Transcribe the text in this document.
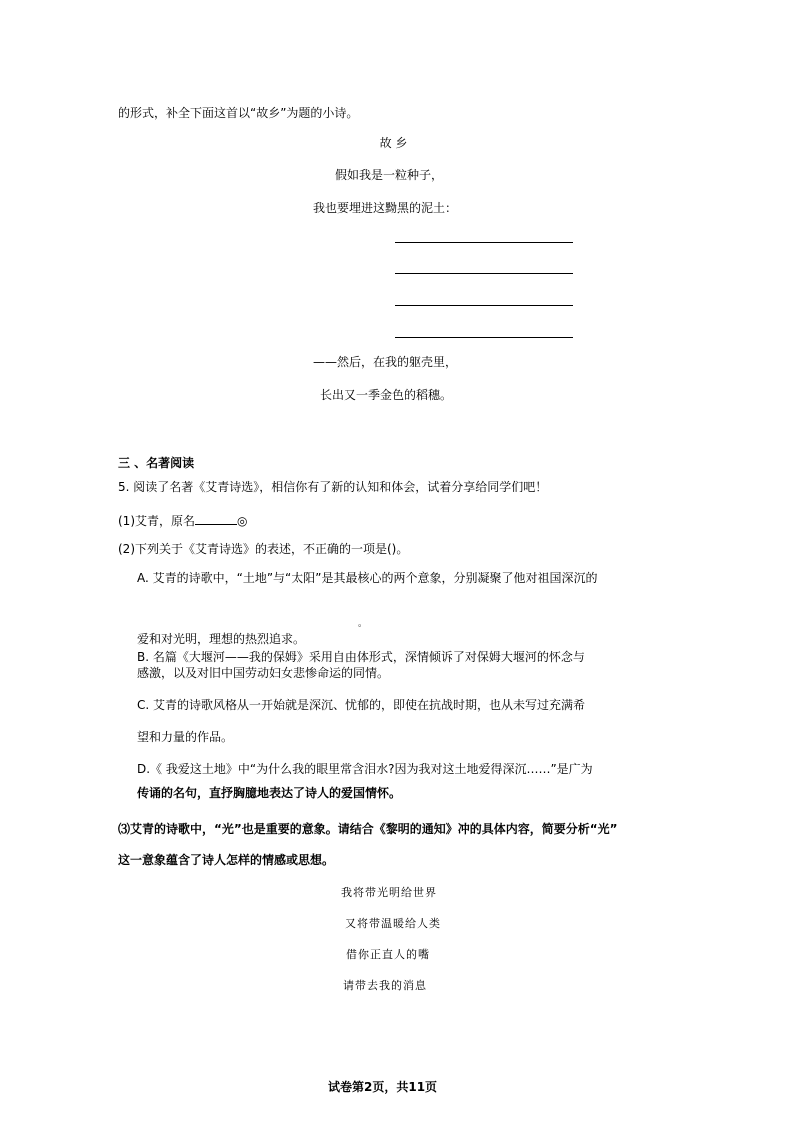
的形式，补全下面这首以“故乡”为题的小诗。
故 乡
假如我是一粒种子，
我也要埋进这黝黑的泥土：
——然后，在我的躯壳里，
长出又一季金色的稻穗。
三 、名著阅读
5. 阅读了名著《艾青诗选》，相信你有了新的认知和体会，试着分享给同学们吧！
(1)艾青，原名	◎
(2)下列关于《艾青诗选》的表述，不正确的一项是()。
A. 艾青的诗歌中，“土地”与“太阳”是其最核心的两个意象，分别凝聚了他对祖国深沉的
。
爱和对光明，理想的热烈追求。
B. 名篇《大堰河——我的保姆》采用自由体形式，深情倾诉了对保姆大堰河的怀念与
感激，以及对旧中国劳动妇女悲惨命运的同情。
C. 艾青的诗歌风格从一开始就是深沉、忧郁的，即使在抗战时期，也从未写过充满希
望和力量的作品。
D.《 我爱这土地》中“为什么我的眼里常含泪水?因为我对这土地爱得深沉……”是广为
传诵的名句，直抒胸臆地表达了诗人的爱国情怀。
⑶艾青的诗歌中，“光”也是重要的意象。请结合《黎明的通知》冲的具体内容，简要分析“光”
这一意象蕴含了诗人怎样的情感或思想。
我将带光明给世界
又将带温暖给人类
借你正直人的嘴
请带去我的消息
试卷第2页，共11页
